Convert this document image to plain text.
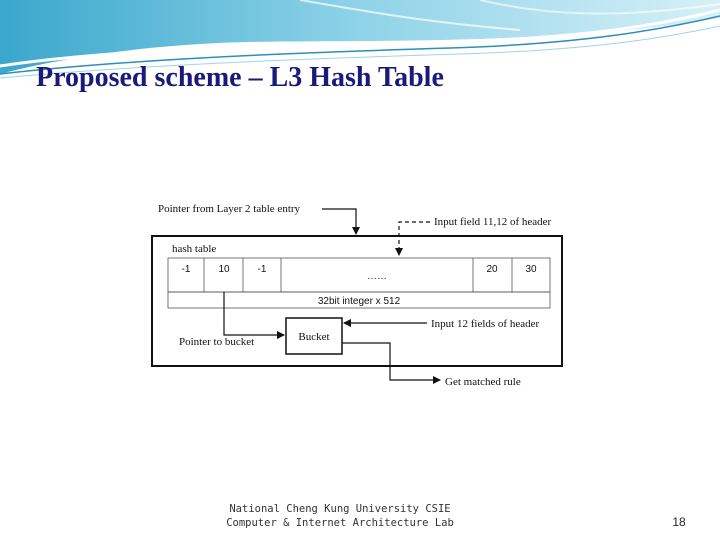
Proposed scheme – L3 Hash Table
Pointer from Layer 2 table entry
Input field 11,12 of header
hash table
-1	10	-1
……
20	30
32bit integer x 512
Bucket
Pointer to bucket
Input 12 fields of header
Get matched rule
National Cheng Kung University CSIE
Computer & Internet Architecture Lab	18
